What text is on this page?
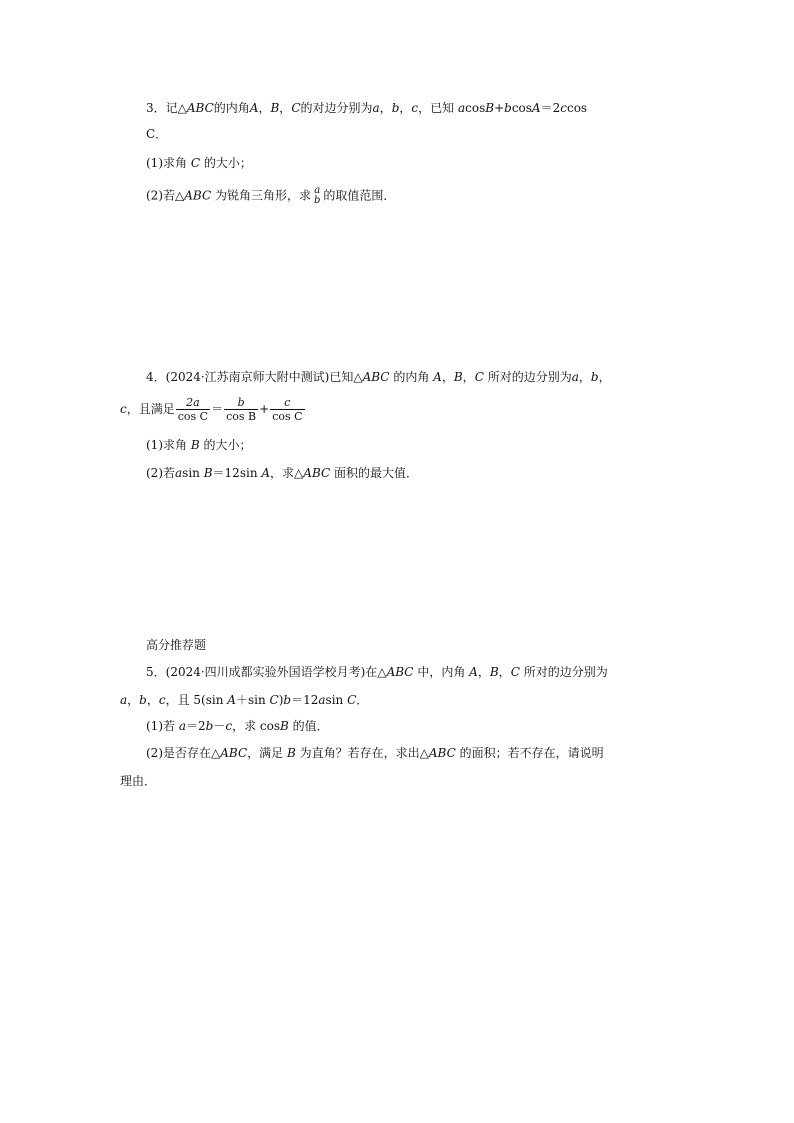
3．记△ABC的内角A，B，C的对边分别为a，b，c，已知 acosB+bcosA＝2ccos
C．
(1)求角 C 的大小；
(2)若△ABC 为锐角三角形，求 a
b 的取值范围．
4．(2024·江苏南京师大附中测试)已知△ABC 的内角 A，B，C 所对的边分别为a，b，
c，且满足 $\frac{2a}{\text{cos C}} = \frac{b}{\text{cos B}} + \frac{c}{\text{cos C}}$
(1)求角 B 的大小；
(2)若asin B＝12sin A，求△ABC 面积的最大值．
高分推荐题
5．(2024·四川成都实验外国语学校月考)在△ABC 中，内角 A，B，C 所对的边分别为
a，b，c，且 5(sin A＋sin C)b＝12asin C．
(1)若 a＝2b－c，求 cosB 的值．
(2)是否存在△ABC，满足 B 为直角？若存在，求出△ABC 的面积；若不存在，请说明
理由．
